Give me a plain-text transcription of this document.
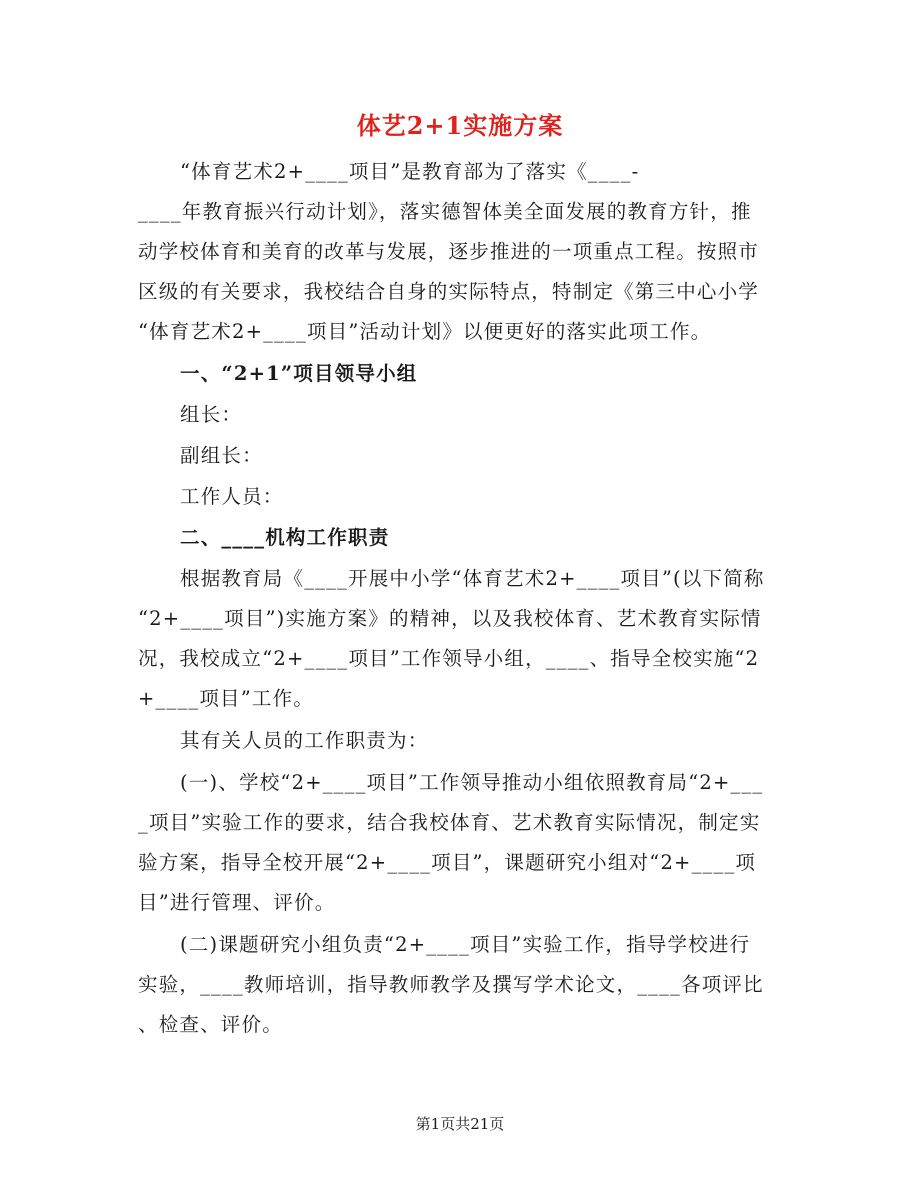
体艺2+1实施方案
“体育艺术2+____项目”是教育部为了落实《____-
____年教育振兴行动计划》，落实德智体美全面发展的教育方针，推
动学校体育和美育的改革与发展，逐步推进的一项重点工程。按照市
区级的有关要求，我校结合自身的实际特点，特制定《第三中心小学
“体育艺术2+____项目”活动计划》以便更好的落实此项工作。
一、“2+1”项目领导小组
组长：
副组长：
工作人员：
二、____机构工作职责
根据教育局《____开展中小学“体育艺术2+____项目”(以下简称
“2+____项目”)实施方案》的精神，以及我校体育、艺术教育实际情
况，我校成立“2+____项目”工作领导小组，____、指导全校实施“2
+____项目”工作。
其有关人员的工作职责为：
(一)、学校“2+____项目”工作领导推动小组依照教育局“2+___
_项目”实验工作的要求，结合我校体育、艺术教育实际情况，制定实
验方案，指导全校开展“2+____项目”，课题研究小组对“2+____项
目”进行管理、评价。
(二)课题研究小组负责“2+____项目”实验工作，指导学校进行
实验，____教师培训，指导教师教学及撰写学术论文，____各项评比
、检查、评价。
第1页共21页
